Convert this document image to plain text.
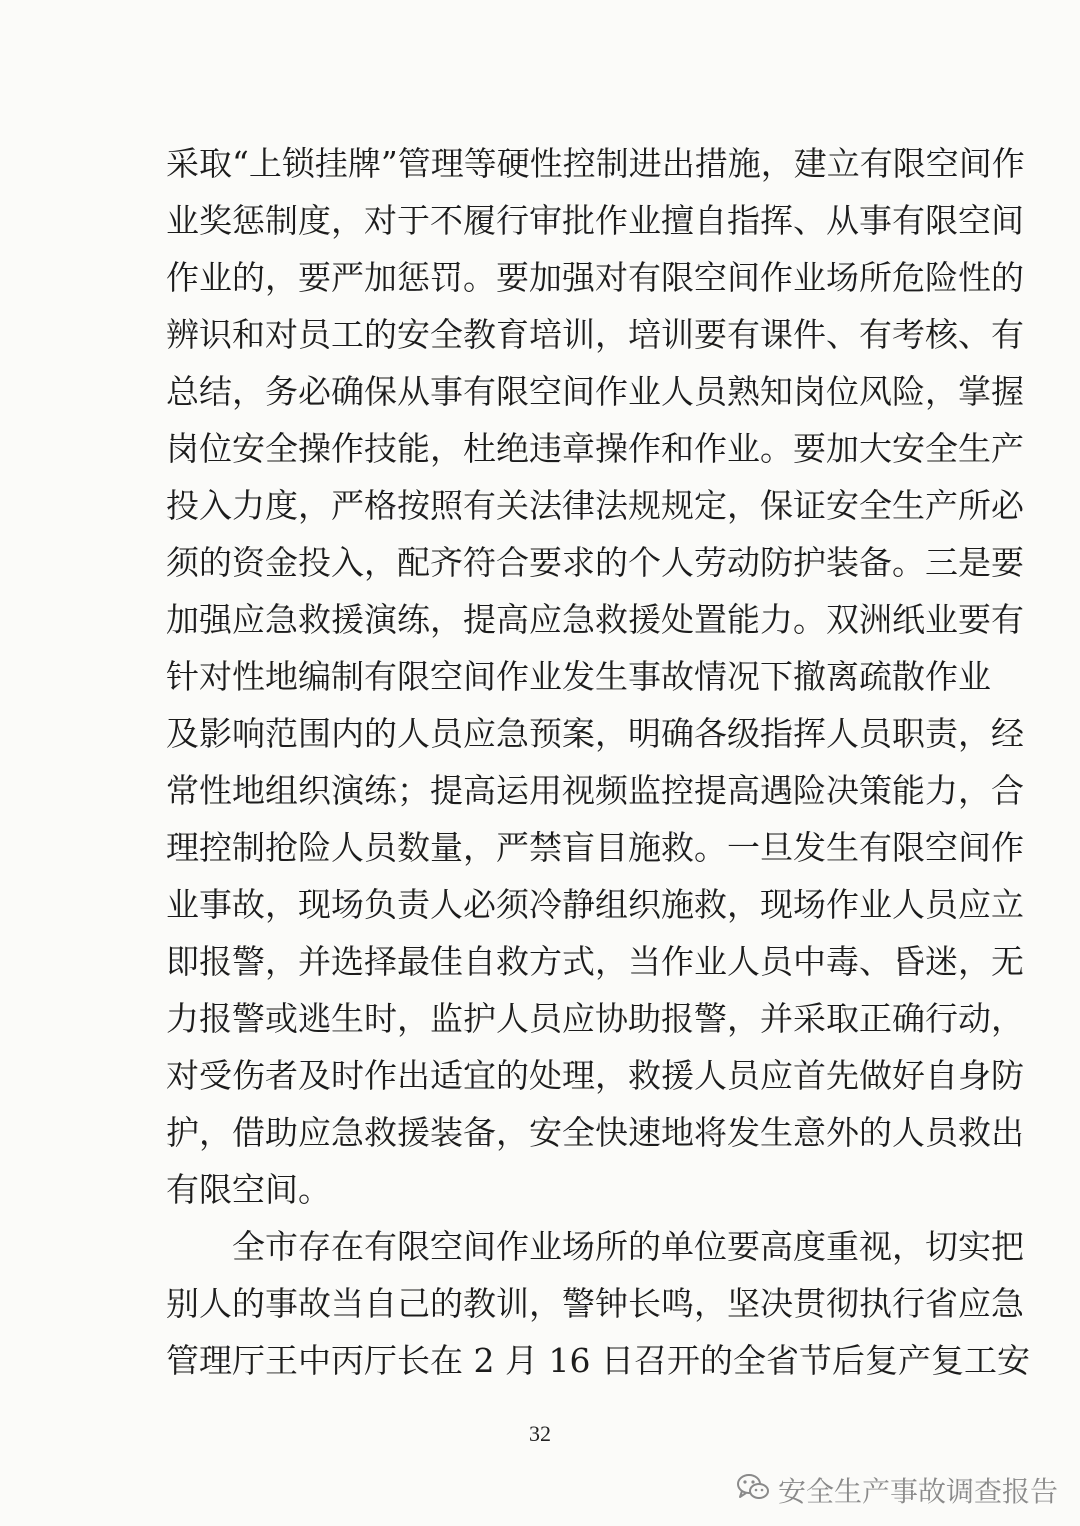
采取“上锁挂牌”管理等硬性控制进出措施，建立有限空间作
业奖惩制度，对于不履行审批作业擅自指挥、从事有限空间
作业的，要严加惩罚。要加强对有限空间作业场所危险性的
辨识和对员工的安全教育培训，培训要有课件、有考核、有
总结，务必确保从事有限空间作业人员熟知岗位风险，掌握
岗位安全操作技能，杜绝违章操作和作业。要加大安全生产
投入力度，严格按照有关法律法规规定，保证安全生产所必
须的资金投入，配齐符合要求的个人劳动防护装备。三是要
加强应急救援演练，提高应急救援处置能力。双洲纸业要有
针对性地编制有限空间作业发生事故情况下撤离疏散作业
及影响范围内的人员应急预案，明确各级指挥人员职责，经
常性地组织演练；提高运用视频监控提高遇险决策能力，合
理控制抢险人员数量，严禁盲目施救。一旦发生有限空间作
业事故，现场负责人必须冷静组织施救，现场作业人员应立
即报警，并选择最佳自救方式，当作业人员中毒、昏迷，无
力报警或逃生时，监护人员应协助报警，并采取正确行动，
对受伤者及时作出适宜的处理，救援人员应首先做好自身防
护，借助应急救援装备，安全快速地将发生意外的人员救出
有限空间。
全市存在有限空间作业场所的单位要高度重视，切实把
别人的事故当自己的教训，警钟长鸣，坚决贯彻执行省应急
管理厅王中丙厅长在 2 月 16 日召开的全省节后复产复工安
32
安全生产事故调查报告
